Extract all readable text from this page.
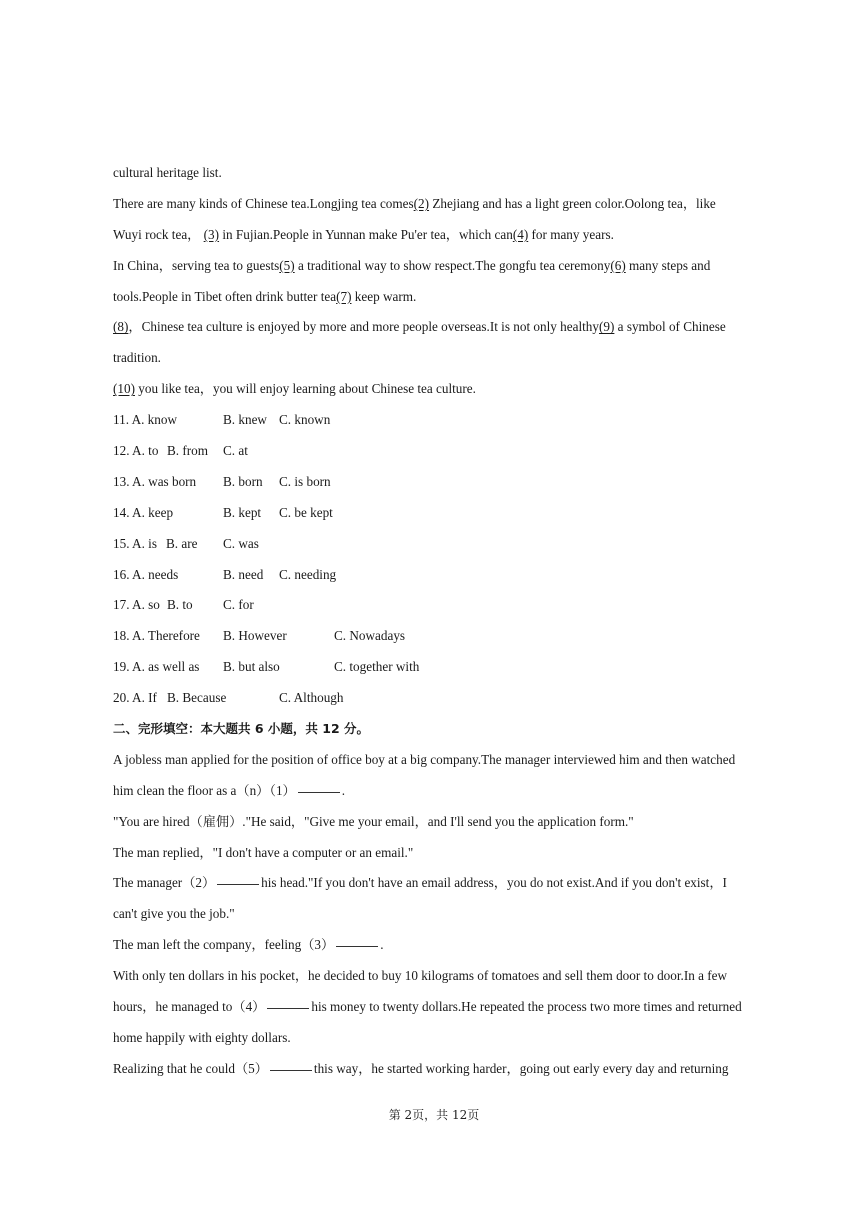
cultural heritage list.
There are many kinds of Chinese tea.Longjing tea comes(2) Zhejiang and has a light green color.Oolong tea，like
Wuyi rock tea， (3) in Fujian.People in Yunnan make Pu'er tea，which can(4) for many years.
In China，serving tea to guests(5) a traditional way to show respect.The gongfu tea ceremony(6) many steps and
tools.People in Tibet often drink butter tea(7) keep warm.
(8)，Chinese tea culture is enjoyed by more and more people overseas.It is not only healthy(9) a symbol of Chinese
tradition.
(10) you like tea，you will enjoy learning about Chinese tea culture.
11. A. know	B. knew C. known
12. A. to B. from C. at
13. A. was born B. born C. is born
14. A. keep	B. kept C. be kept
15. A. is B. are C. was
16. A. needs	B. need C. needing
17. A. so B. to C. for
18. A. Therefore B. However	C. Nowadays
19. A. as well as B. but also	C. together with
20. A. If B. Because	C. Although
二、完形填空：本大题共 6 小题，共 12 分。
A jobless man applied for the position of office boy at a big company.The manager interviewed him and then watched
him clean the floor as a（n）（1）	.
"You are hired（雇佣）."He said，"Give me your email，and I'll send you the application form."
The man replied，"I don't have a computer or an email."
The manager（2）	his head."If you don't have an email address，you do not exist.And if you don't exist，I
can't give you the job."
The man left the company，feeling（3）	.
With only ten dollars in his pocket，he decided to buy 10 kilograms of tomatoes and sell them door to door.In a few
hours，he managed to（4）	his money to twenty dollars.He repeated the process two more times and returned
home happily with eighty dollars.
Realizing that he could（5）	this way，he started working harder，going out early every day and returning
第 2页，共 12页
